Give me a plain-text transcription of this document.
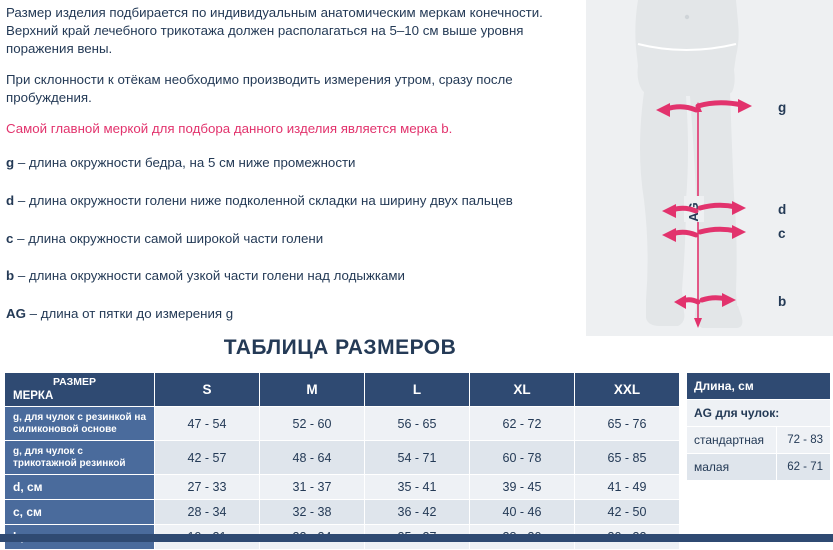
Размер изделия подбирается по индивидуальным анатомическим меркам конечности. Верхний край лечебного трикотажа должен располагаться на 5–10 см выше уровня поражения вены.

При склонности к отёкам необходимо производить измерения утром, сразу после пробуждения.

Самой главной меркой для подбора данного изделия является мерка b.

g – длина окружности бедра, на 5 см ниже промежности

d – длина окружности голени ниже подколенной складки на ширину двух пальцев

c – длина окружности самой широкой части голени

b – длина окружности самой узкой части голени над лодыжками

AG – длина от пятки до измерения g

AG
g
d
c
b
ТАБЛИЦА РАЗМЕРОВ
РАЗМЕР
МЕРКА	S	M	L	XL	XXL
g, для чулок с резинкой на силиконовой основе	47 - 54	52 - 60	56 - 65	62 - 72	65 - 76
g, для чулок с трикотажной резинкой	42 - 57	48 - 64	54 - 71	60 - 78	65 - 85
d, см	27 - 33	31 - 37	35 - 41	39 - 45	41 - 49
c, см	28 - 34	32 - 38	36 - 42	40 - 46	42 - 50

Длина, см	
AG для чулок:	
стандартная	72 - 83
малая	62 - 71
